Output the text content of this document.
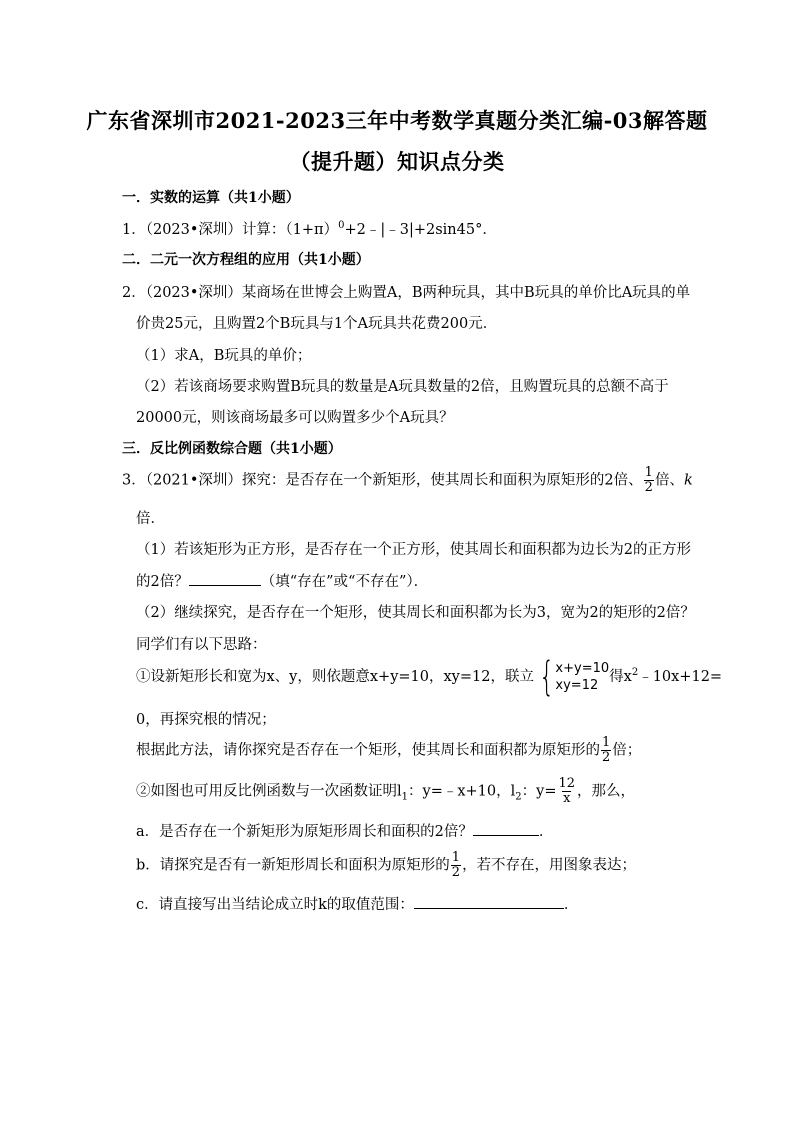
广东省深圳市2021-2023三年中考数学真题分类汇编-03解答题
（提升题）知识点分类
一．实数的运算（共1小题）
1．（2023•深圳）计算：$(1+\pi)^0+2﹣|﹣3|+2\sin 45^\circ$．
二．二元一次方程组的应用（共1小题）
2．（2023•深圳）某商场在世博会上购置A，B两种玩具，其中B玩具的单价比A玩具的单
价贵25元，且购置2个B玩具与1个A玩具共花费200元．
（1）求A，B玩具的单价；
（2）若该商场要求购置B玩具的数量是A玩具数量的2倍，且购置玩具的总额不高于
20000元，则该商场最多可以购置多少个A玩具？
三．反比例函数综合题（共1小题）
3．（2021•深圳）探究：是否存在一个新矩形，使其周长和面积为原矩形的2倍、 $\frac{1}{2}$ 倍、k
倍．
（1）若该矩形为正方形，是否存在一个正方形，使其周长和面积都为边长为2的正方形
的2倍？	（填“存在”或“不存在”）．
（2）继续探究，是否存在一个矩形，使其周长和面积都为长为3，宽为2的矩形的2倍？
同学们有以下思路：
①设新矩形长和宽为x、y，则依题意x+y=10，xy=12，联立 { x+y=10
xy=12
得$x^2﹣10x+12=$
0，再探究根的情况；
根据此方法，请你探究是否存在一个矩形，使其周长和面积都为原矩形的 $\frac{1}{2}$ 倍；
②如图也可用反比例函数与一次函数证明$l_1$：y=﹣x+10，$l_2$：$y= \frac{12}{x}$ ，那么，
a．是否存在一个新矩形为原矩形周长和面积的2倍？	．
b．请探究是否有一新矩形周长和面积为原矩形的 $\frac{1}{2}$ ，若不存在，用图象表达；
c．请直接写出当结论成立时k的取值范围：	．
